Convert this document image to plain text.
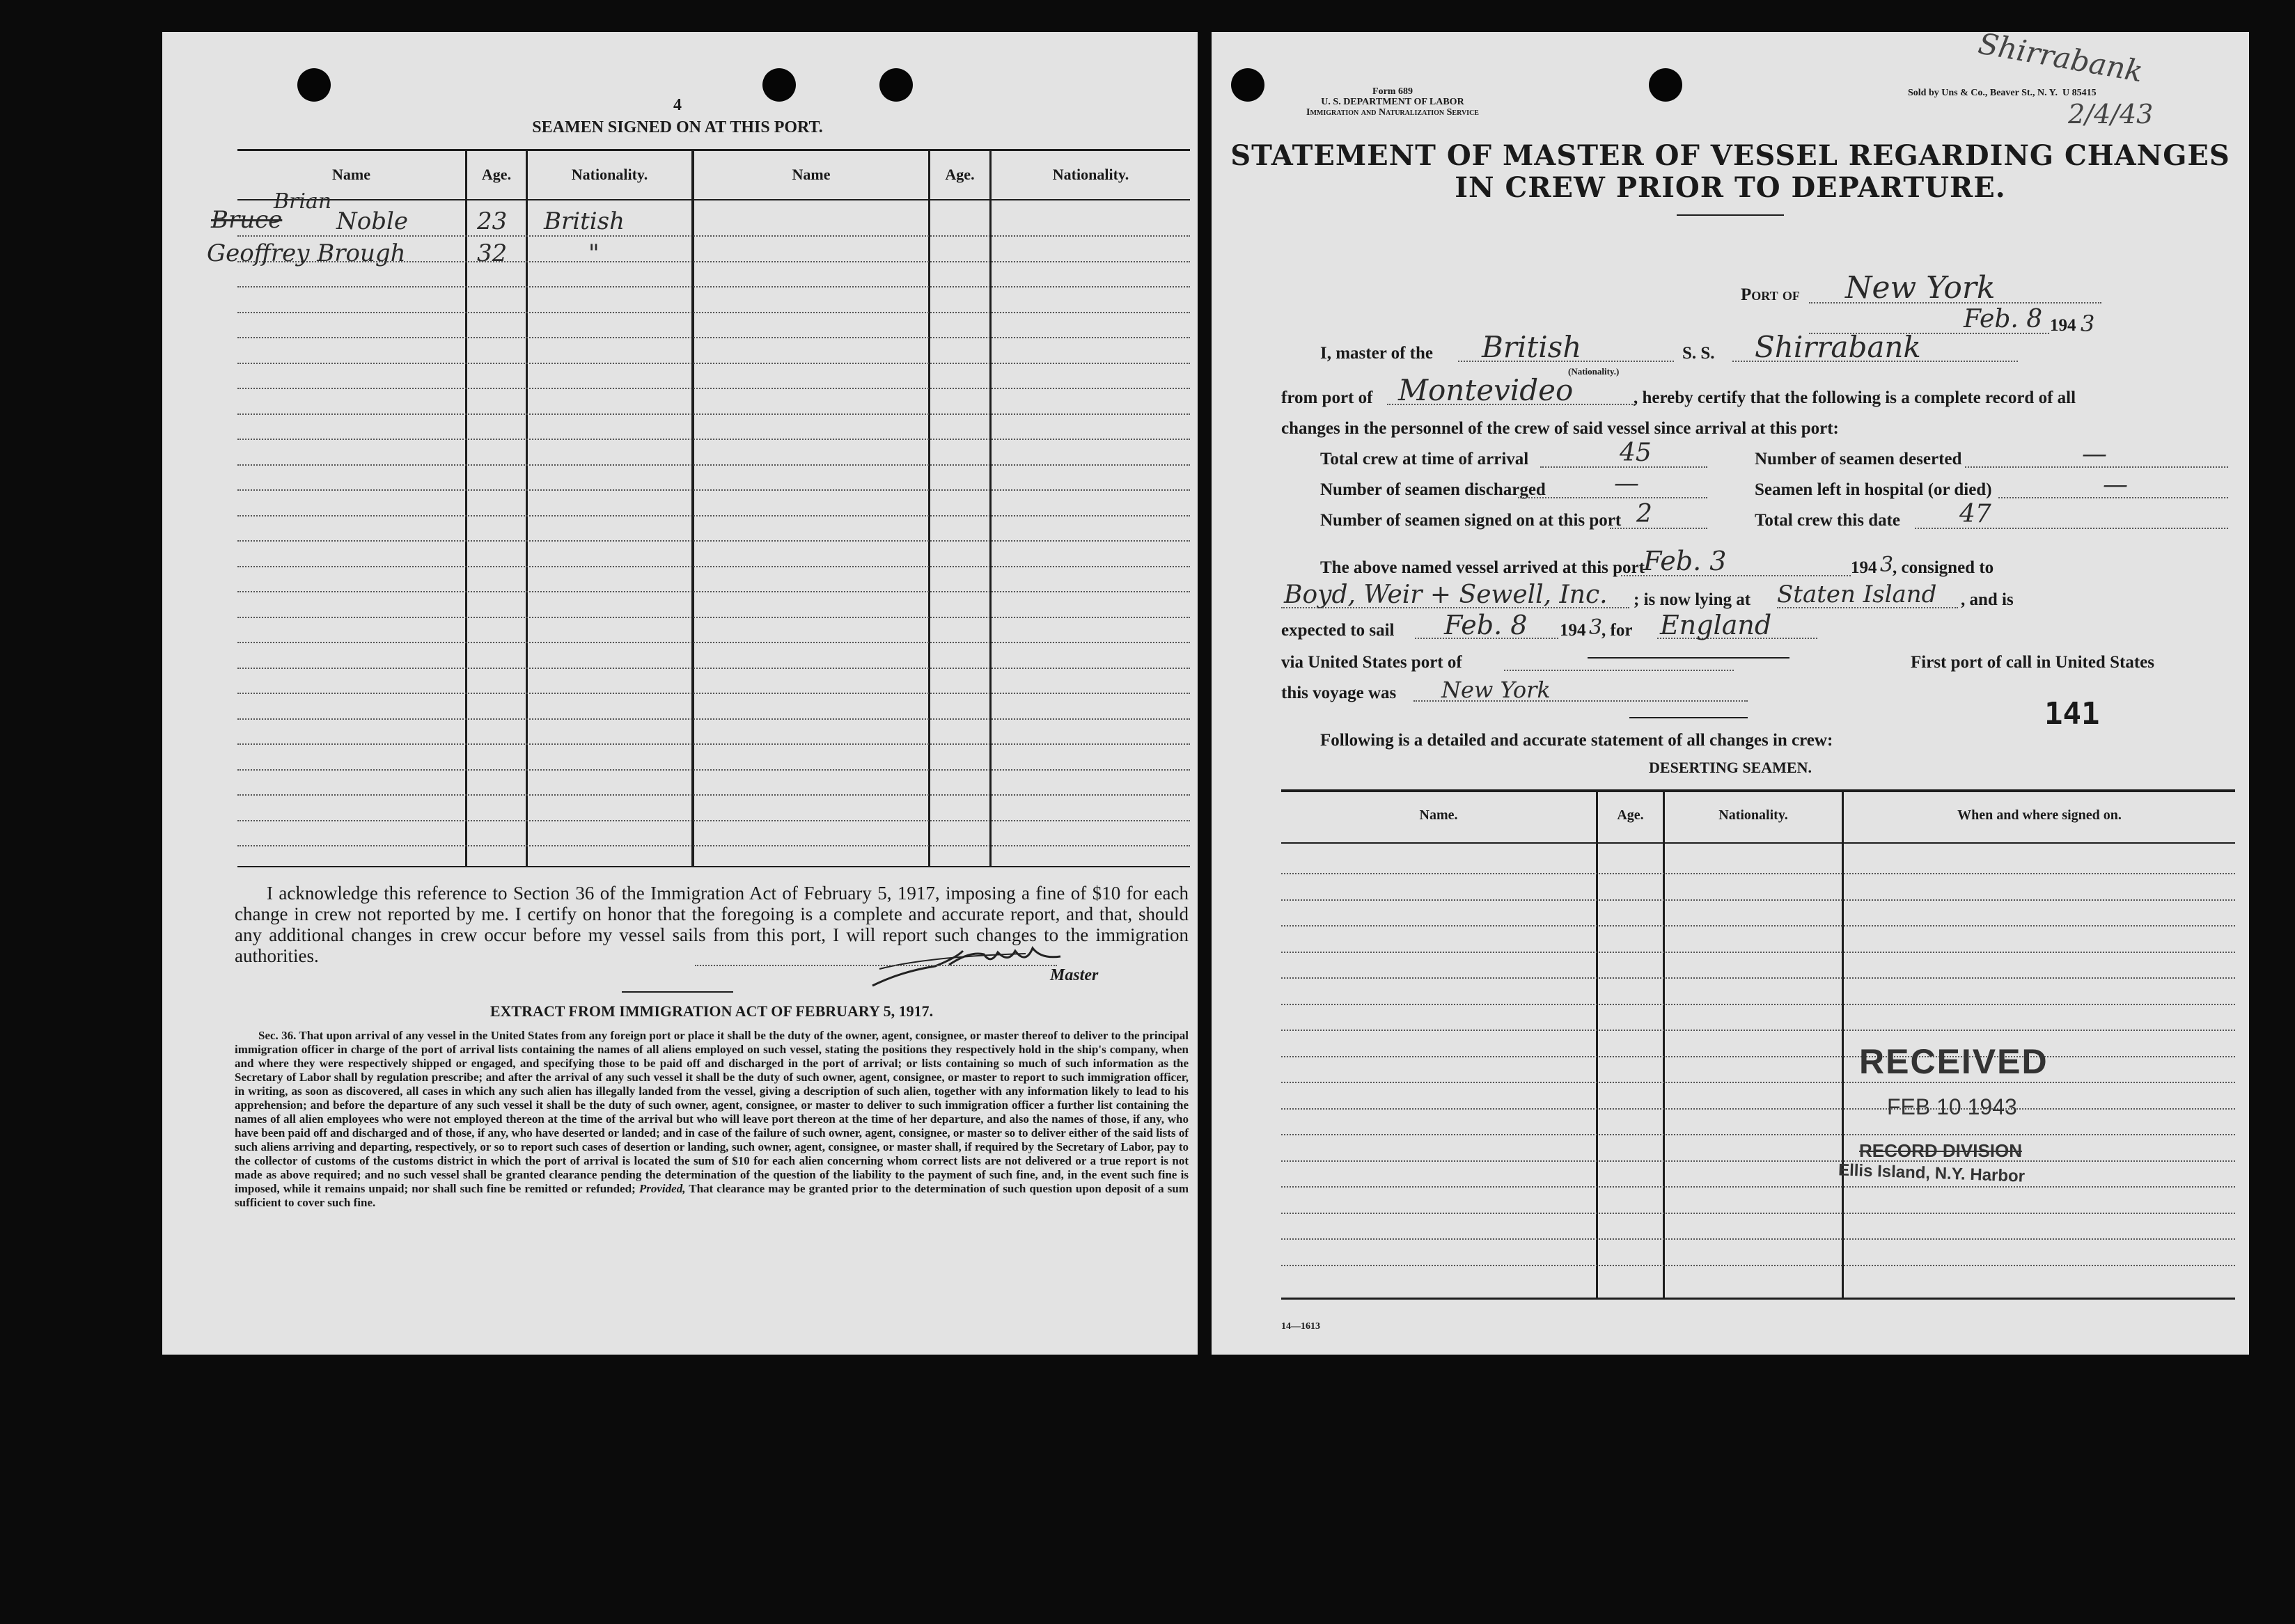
4
SEAMEN SIGNED ON AT THIS PORT.
Name	Age.	Nationality.	Name	Age.	Nationality.
Brian
Bruce Noble	23 British
Geoffrey Brough	32	"
I acknowledge this reference to Section 36 of the Immigration Act of February 5, 1917, imposing a fine of $10 for each change in crew not reported by me. I certify on honor that the foregoing is a complete and accurate report, and that, should any additional changes in crew occur before my vessel sails from this port, I will report such changes to the immigration authorities.
Master
EXTRACT FROM IMMIGRATION ACT OF FEBRUARY 5, 1917.
Sec. 36. That upon arrival of any vessel in the United States from any foreign port or place it shall be the duty of the owner, agent, consignee, or master thereof to deliver to the principal immigration officer in charge of the port of arrival lists containing the names of all aliens employed on such vessel, stating the positions they respectively hold in the ship's company, when and where they were respectively shipped or engaged, and specifying those to be paid off and discharged in the port of arrival; or lists containing so much of such information as the Secretary of Labor shall by regulation prescribe; and after the arrival of any such vessel it shall be the duty of such owner, agent, consignee, or master to report to such immigration officer, in writing, as soon as discovered, all cases in which any such alien has illegally landed from the vessel, giving a description of such alien, together with any information likely to lead to his apprehension; and before the departure of any such vessel it shall be the duty of such owner, agent, consignee, or master to deliver to such immigration officer a further list containing the names of all alien employees who were not employed thereon at the time of the arrival but who will leave port thereon at the time of her departure, and also the names of those, if any, who have been paid off and discharged and of those, if any, who have deserted or landed; and in case of the failure of such owner, agent, consignee, or master so to deliver either of the said lists of such aliens arriving and departing, respectively, or so to report such cases of desertion or landing, such owner, agent, consignee, or master shall, if required by the Secretary of Labor, pay to the collector of customs of the customs district in which the port of arrival is located the sum of $10 for each alien concerning whom correct lists are not delivered or a true report is not made as above required; and no such vessel shall be granted clearance pending the determination of the question of the liability to the payment of such fine, and, in the event such fine is imposed, while it remains unpaid; nor shall such fine be remitted or refunded; Provided, That clearance may be granted prior to the determination of such question upon deposit of a sum sufficient to cover such fine.
Form 689
U. S. DEPARTMENT OF LABOR
Immigration and Naturalization Service
Sold by Uns & Co., Beaver St., N. Y. U 85415
Shirrabank
2/4/43
STATEMENT OF MASTER OF VESSEL REGARDING CHANGES
IN CREW PRIOR TO DEPARTURE.
Port of New York
Feb. 8 194 3
I, master of the British
(Nationality.)
S. S. Shirrabank
from port of Montevideo	, hereby certify that the following is a complete record of all
changes in the personnel of the crew of said vessel since arrival at this port:
Total crew at time of arrival	45	Number of seamen deserted	—
Number of seamen discharged	—	Seamen left in hospital (or died)	—
Number of seamen signed on at this port 2	Total crew this date 47
The above named vessel arrived at this port
Feb. 3	194 3
, consigned to
Boyd, Weir + Sewell, Inc. ; is now lying at Staten Island , and is
expected to sail Feb. 8 194 3
, for England
via United States port of	First port of call in United States
this voyage was New York
141
Following is a detailed and accurate statement of all changes in crew:
DESERTING SEAMEN.
Name.	Age.	Nationality.	When and where signed on.
RECEIVED
FEB 10 1943
RECORD DIVISION
Ellis Island, N.Y. Harbor
14—1613
